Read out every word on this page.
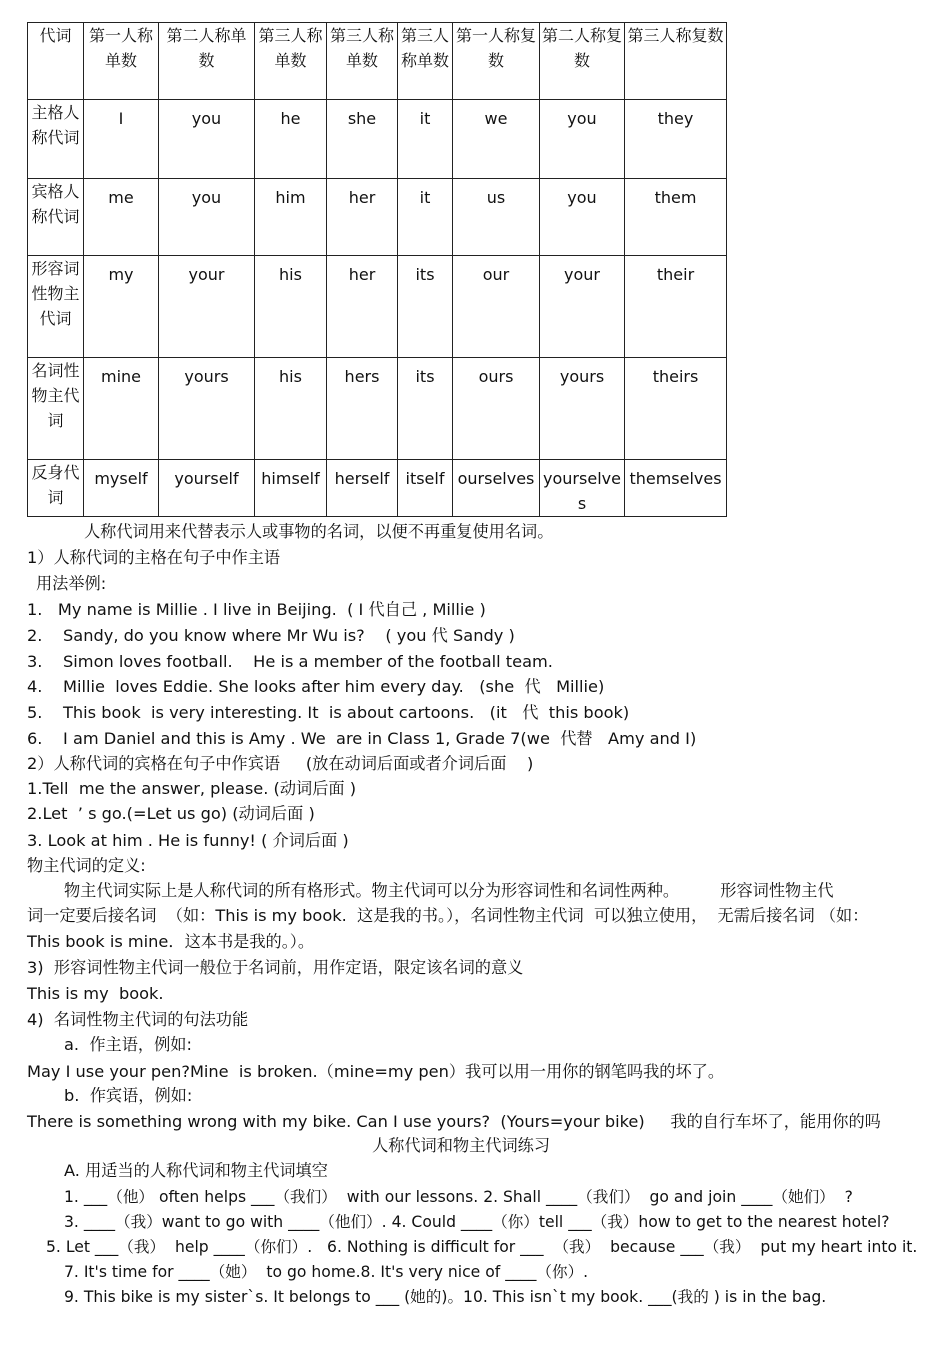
代词	第一人称单数	第二人称单数	第三人称单数	第三人称单数	第三人称单数	第一人称复数	第二人称复数	第三人称复数
主格人称代词	I	you	he	she	it	we	you	they
宾格人称代词	me	you	him	her	it	us	you	them
形容词性物主代词	my	your	his	her	its	our	your	their
名词性物主代词	mine	yours	his	hers	its	ours	yours	theirs
反身代词	myself	yourself	himself	herself	itself	ourselves	yourselves	themselves
人称代词用来代替表示人或事物的名词，以便不再重复使用名词。
1）人称代词的主格在句子中作主语
用法举例:
1.   My name is Millie . I live in Beijing.  ( I 代自己 , Millie )
2.    Sandy, do you know where Mr Wu is?    ( you 代 Sandy )
3.    Simon loves football.    He is a member of the football team.
4.    Millie  loves Eddie. She looks after him every day.   (she  代   Millie)
5.    This book  is very interesting. It  is about cartoons.   (it   代  this book)
6.    I am Daniel and this is Amy . We  are in Class 1, Grade 7(we  代替   Amy and I)
2）人称代词的宾格在句子中作宾语     (放在动词后面或者介词后面    )
1.Tell  me the answer, please. (动词后面 )
2.Let  ’ s go.(=Let us go) (动词后面 )
3. Look at him . He is funny! ( 介词后面 )
物主代词的定义:
物主代词实际上是人称代词的所有格形式。物主代词可以分为形容词性和名词性两种。        形容词性物主代
词一定要后接名词  （如：This is my book.  这是我的书。），名词性物主代词  可以独立使用，  无需后接名词 （如：
This book is mine．这本书是我的。）。
3)  形容词性物主代词一般位于名词前，用作定语，限定该名词的意义
This is my  book.
4)  名词性物主代词的句法功能
a.  作主语，例如:
May I use your pen?Mine  is broken.（mine=my pen）我可以用一用你的钢笔吗我的坏了。
b.  作宾语，例如:
There is something wrong with my bike. Can I use yours?  (Yours=your bike)     我的自行车坏了，能用你的吗
人称代词和物主代词练习
A. 用适当的人称代词和物主代词填空
1. ___（他） often helps ___（我们）  with our lessons. 2. Shall ____（我们）  go and join ____（她们）  ?
3. ____（我）want to go with ____（他们）. 4. Could ____（你）tell ___（我）how to get to the nearest hotel?
5. Let ___（我）  help ____（你们）.   6. Nothing is difficult for ___  （我）  because ___（我）  put my heart into it.
7. It's time for ____（她）  to go home.8. It's very nice of ____（你）.
9. This bike is my sister`s. It belongs to ___ (她的)。10. This isn`t my book. ___(我的 ) is in the bag.
